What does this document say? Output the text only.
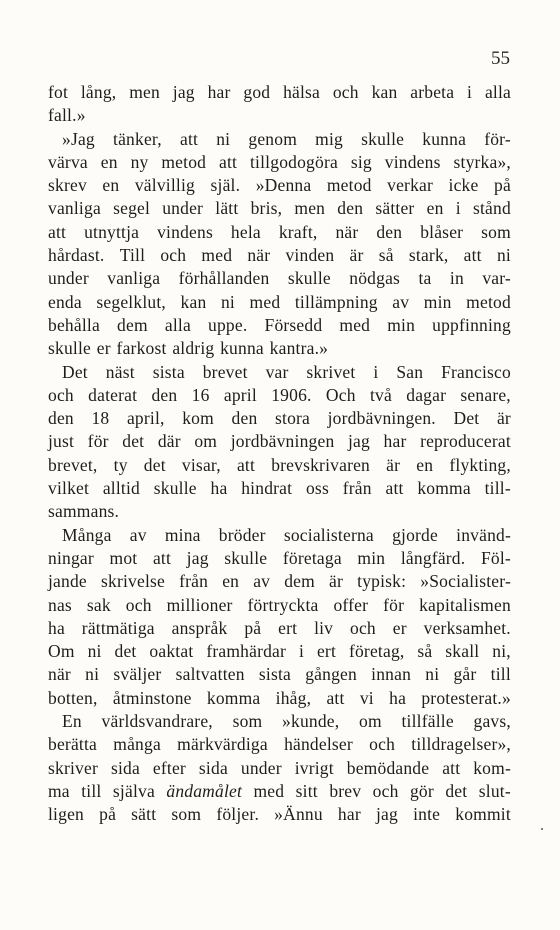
55
fot lång, men jag har god hälsa och kan arbeta i alla
fall.»
»Jag tänker, att ni genom mig skulle kunna för-
värva en ny metod att tillgodogöra sig vindens styrka»,
skrev en välvillig själ. »Denna metod verkar icke på
vanliga segel under lätt bris, men den sätter en i stånd
att utnyttja vindens hela kraft, när den blåser som
hårdast. Till och med när vinden är så stark, att ni
under vanliga förhållanden skulle nödgas ta in var-
enda segelklut, kan ni med tillämpning av min metod
behålla dem alla uppe. Försedd med min uppfinning
skulle er farkost aldrig kunna kantra.»
Det näst sista brevet var skrivet i San Francisco
och daterat den 16 april 1906. Och två dagar senare,
den 18 april, kom den stora jordbävningen. Det är
just för det där om jordbävningen jag har reproducerat
brevet, ty det visar, att brevskrivaren är en flykting,
vilket alltid skulle ha hindrat oss från att komma till-
sammans.
Många av mina bröder socialisterna gjorde invänd-
ningar mot att jag skulle företaga min långfärd. Föl-
jande skrivelse från en av dem är typisk: »Socialister-
nas sak och millioner förtryckta offer för kapitalismen
ha rättmätiga anspråk på ert liv och er verksamhet.
Om ni det oaktat framhärdar i ert företag, så skall ni,
när ni sväljer saltvatten sista gången innan ni går till
botten, åtminstone komma ihåg, att vi ha protesterat.»
En världsvandrare, som »kunde, om tillfälle gavs,
berätta många märkvärdiga händelser och tilldragelser»,
skriver sida efter sida under ivrigt bemödande att kom-
ma till själva ändamålet med sitt brev och gör det slut-
ligen på sätt som följer. »Ännu har jag inte kommit
